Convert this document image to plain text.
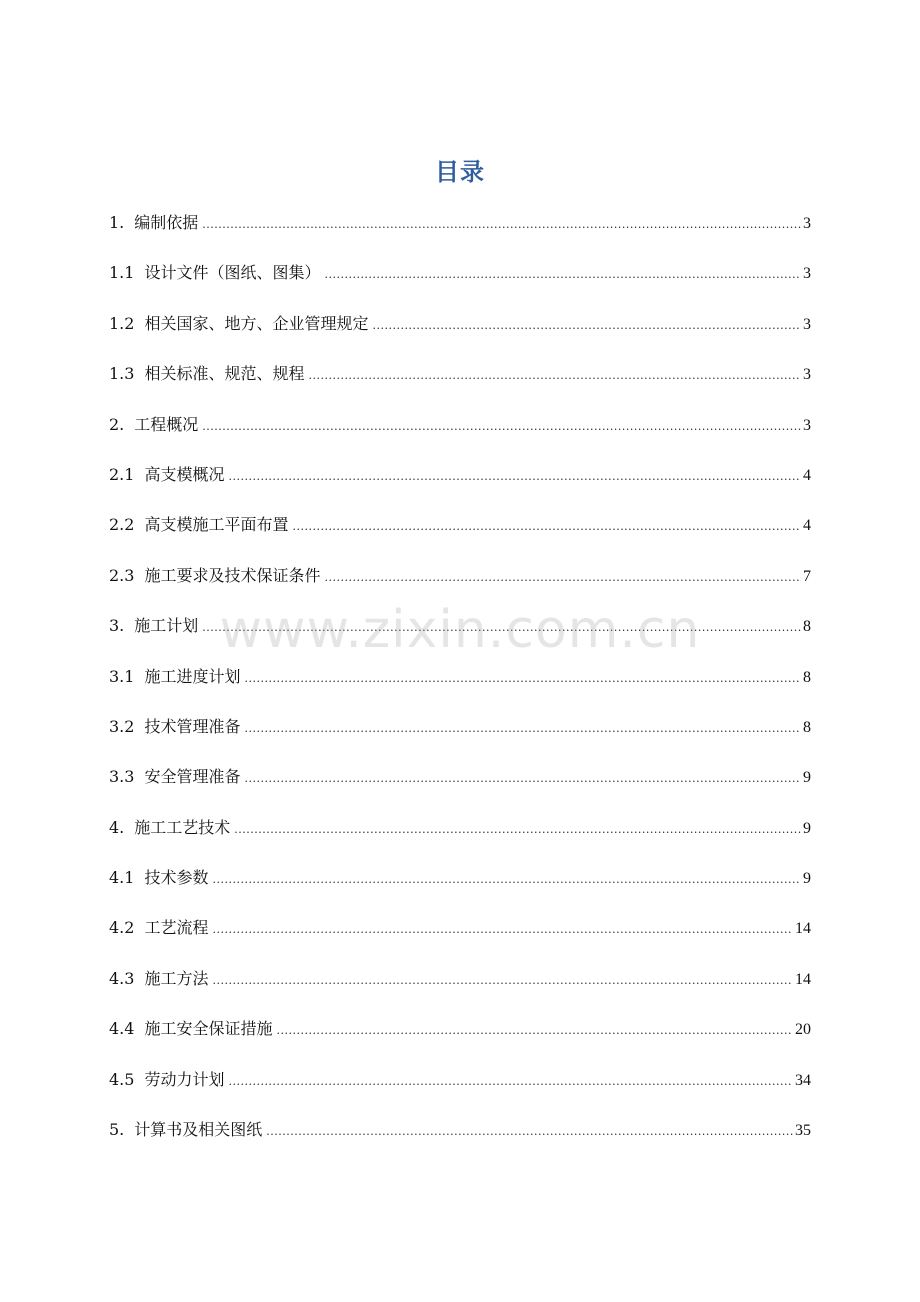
目录
1. 编制依据 .....	3
1.1 设计文件（图纸、图集） .....	3
1.2 相关国家、地方、企业管理规定 .....	3
1.3 相关标准、规范、规程 .....	3
2. 工程概况 .....	3
2.1 高支模概况 .....	4
2.2 高支模施工平面布置 .....	4
2.3 施工要求及技术保证条件 .....	7
3. 施工计划 .....	8
3.1 施工进度计划 .....	8
3.2 技术管理准备 .....	8
3.3 安全管理准备 .....	9
4. 施工工艺技术 .....	9
4.1 技术参数 .....	9
4.2 工艺流程 .....	14
4.3 施工方法 .....	14
4.4 施工安全保证措施 .....	20
4.5 劳动力计划 .....	34
5. 计算书及相关图纸 .....	35
www.zixin.com.cn
